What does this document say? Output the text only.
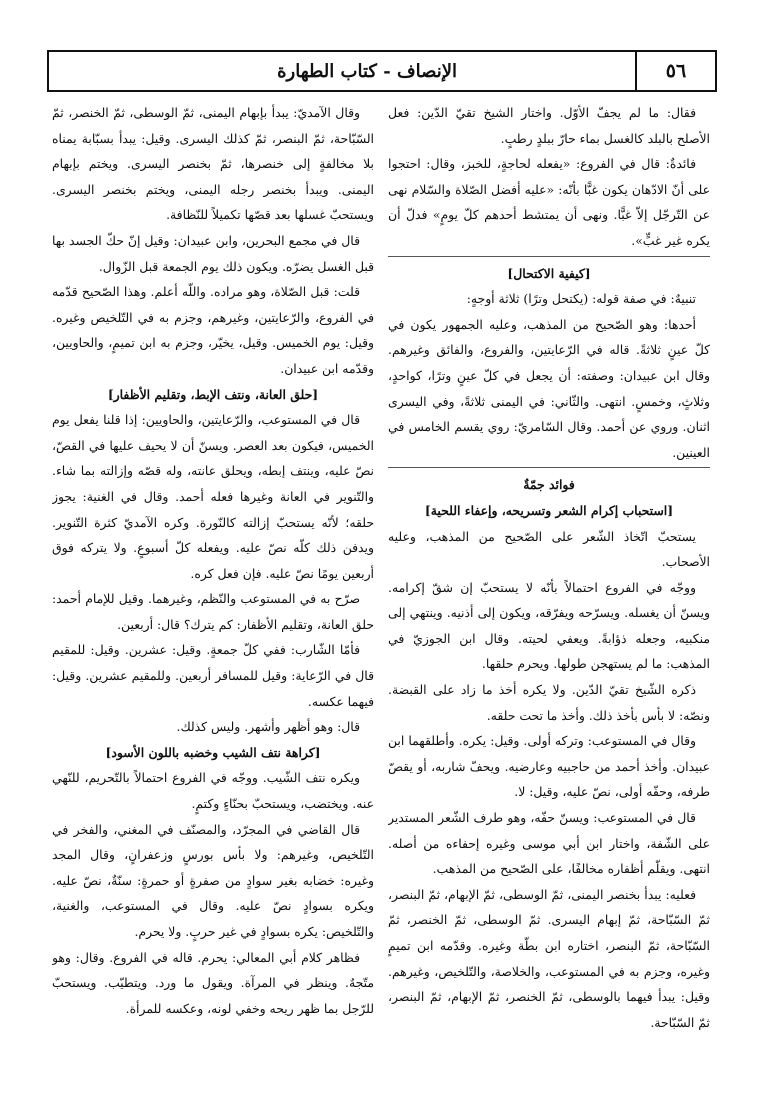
٥٦
الإنصاف - كتاب الطهارة

فقال: ما لم يجفّ الأوّل. واختار الشيخ تقيّ الدّين: فعل الأصلح بالبلد كالغسل بماء حارّ ببلدٍ رطبٍ.

فائدةٌ: قال في الفروع: «يفعله لحاجةٍ، للخبز، وقال: احتجوا على أنّ الادّهان يكون غبًّا بأنّه: «عليه أفضل الصّلاة والسّلام نهى عن التّرجّل إلاّ غبًّا. ونهى أن يمتشط أحدهم كلّ يومٍ» فدلّ أن يكره غير غبٍّ».

[كيفية الاكتحال]

تنبيهٌ: في صفة قوله: (يكتحل وترًا) ثلاثة أوجهٍ:

أحدها: وهو الصّحيح من المذهب، وعليه الجمهور يكون في كلّ عينٍ ثلاثةً. قاله في الرّعايتين، والفروع، والفائق وغيرهم. وقال ابن عبيدان: وصفته: أن يجعل في كلّ عينٍ وترًا، كواحدٍ، وثلاثٍ، وخمسٍ. انتهى. والثّاني: في اليمنى ثلاثةً، وفي اليسرى اثنان. وروي عن أحمد. وقال السّامريّ: روي يقسم الخامس في العينين.

فوائد جمّةٌ

[استحباب إكرام الشعر وتسريحه، وإعفاء اللحية]

يستحبّ اتّخاذ الشّعر على الصّحيح من المذهب، وعليه الأصحاب.

ووجّه في الفروع احتمالاً بأنّه لا يستحبّ إن شقّ إكرامه. ويسنّ أن يغسله. ويسرّحه ويفرّقه، ويكون إلى أذنيه. وينتهي إلى منكبيه، وجعله ذؤابةً. ويعفي لحيته. وقال ابن الجوزيّ في المذهب: ما لم يستهجن طولها. ويحرم حلقها.

ذكره الشّيخ تقيّ الدّين. ولا يكره أخذ ما زاد على القبضة. ونصّه: لا بأس بأخذ ذلك. وأخذ ما تحت حلقه.

وقال في المستوعب: وتركه أولى. وقيل: يكره. وأطلقهما ابن عبيدان. وأخذ أحمد من حاجبيه وعارضيه. ويحفّ شاربه، أو يقصّ طرفه، وحفّه أولى، نصّ عليه، وقيل: لا.

قال في المستوعب: ويسنّ حفّه، وهو طرف الشّعر المستدير على الشّفة، واختار ابن أبي موسى وغيره إحفاءه من أصله. انتهى. ويقلّم أظفاره مخالفًا، على الصّحيح من المذهب.

فعليه: يبدأ بخنصر اليمنى، ثمّ الوسطى، ثمّ الإبهام، ثمّ البنصر، ثمّ السّبّاحة، ثمّ إبهام اليسرى. ثمّ الوسطى، ثمّ الخنصر، ثمّ السّبّاحة، ثمّ البنصر، اختاره ابن بطّة وغيره. وقدّمه ابن تميمٍ وغيره، وجزم به في المستوعب، والخلاصة، والتّلخيص، وغيرهم. وقيل: يبدأ فيهما بالوسطى، ثمّ الخنصر، ثمّ الإبهام، ثمّ البنصر، ثمّ السّبّاحة.

وقال الآمديّ: يبدأ بإبهام اليمنى، ثمّ الوسطى، ثمّ الخنصر، ثمّ السّبّاحة، ثمّ البنصر، ثمّ كذلك اليسرى. وقيل: يبدأ بسبّابة يمناه بلا مخالفةٍ إلى خنصرها، ثمّ بخنصر اليسرى. ويختم بإبهام اليمنى. ويبدأ بخنصر رجله اليمنى، ويختم بخنصر اليسرى. ويستحبّ غسلها بعد قصّها تكميلاً للنّظافة.

قال في مجمع البحرين، وابن عبيدان: وقيل إنّ حكّ الجسد بها قبل الغسل يضرّه. ويكون ذلك يوم الجمعة قبل الزّوال.

قلت: قبل الصّلاة، وهو مراده. واللّه أعلم. وهذا الصّحيح قدّمه في الفروع، والرّعايتين، وغيرهم، وجزم به في التّلخيص وغيره. وقيل: يوم الخميس. وقيل، يخيّر، وجزم به ابن تميمٍ، والحاويين، وقدّمه ابن عبيدان.

[حلق العانة، ونتف الإبط، وتقليم الأظفار]

قال في المستوعب، والرّعايتين، والحاويين: إذا قلنا يفعل يوم الخميس، فيكون بعد العصر. ويسنّ أن لا يحيف عليها في القصّ، نصّ عليه، وينتف إبطه، ويحلق عانته، وله قصّه وإزالته بما شاء. والتّنوير في العانة وغيرها فعله أحمد. وقال في الغنية: يجوز حلقه؛ لأنّه يستحبّ إزالته كالنّورة. وكره الآمديّ كثرة التّنوير. ويدفن ذلك كلّه نصّ عليه. ويفعله كلّ أسبوعٍ. ولا يتركه فوق أربعين يومًا نصّ عليه. فإن فعل كره.

صرّح به في المستوعب والنّظم، وغيرهما. وقيل للإمام أحمد: حلق العانة، وتقليم الأظفار: كم يترك؟ قال: أربعين.

فأمّا الشّارب: ففي كلّ جمعةٍ. وقيل: عشرين. وقيل: للمقيم قال في الرّعاية: وقيل للمسافر أربعين. وللمقيم عشرين. وقيل: فيهما عكسه.

قال: وهو أظهر وأشهر. وليس كذلك.

[كراهة نتف الشيب وخضبه باللون الأسود]

ويكره نتف الشّيب. ووجّه في الفروع احتمالاً بالتّحريم، للنّهي عنه. ويختضب، ويستحبّ بحنّاءٍ وكتمٍ.

قال القاضي في المجرّد، والمصنّف في المغني، والفخر في التّلخيص، وغيرهم: ولا بأس بورسٍ وزعفرانٍ، وقال المجد وغيره: خضابه بغير سوادٍ من صفرةٍ أو حمرةٍ: سنّةٌ، نصّ عليه. ويكره بسوادٍ نصّ عليه. وقال في المستوعب، والغنية، والتّلخيص: يكره بسوادٍ في غير حربٍ. ولا يحرم.

فظاهر كلام أبي المعالي: يحرم. قاله في الفروع. وقال: وهو متّجهٌ. وينظر في المرآة. ويقول ما ورد. ويتطيّب. ويستحبّ للرّجل بما ظهر ريحه وخفي لونه، وعكسه للمرأة.
